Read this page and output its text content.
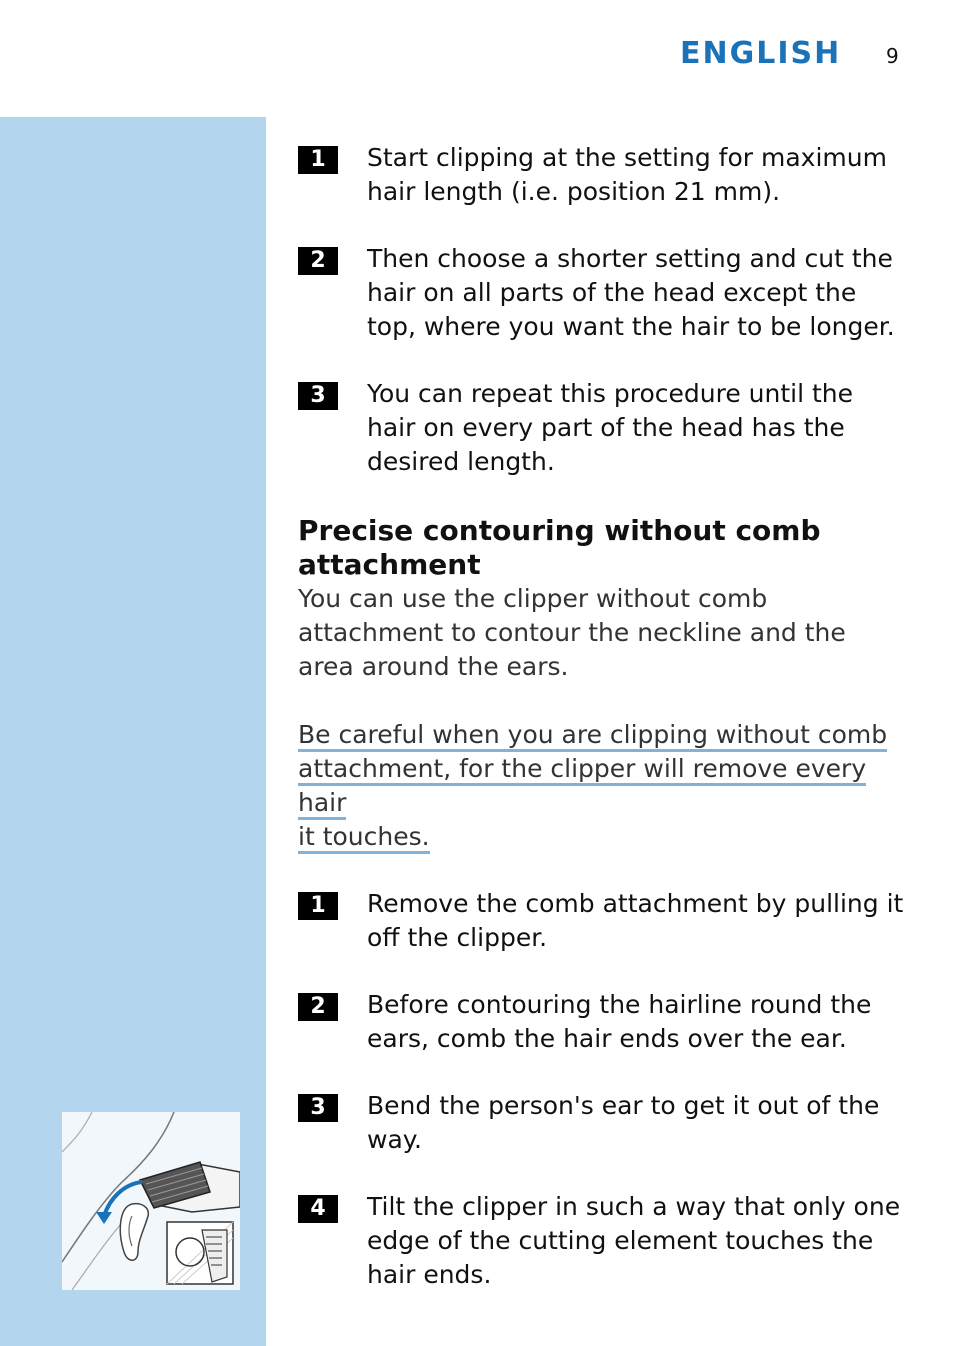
ENGLISH 9
1	Start clipping at the setting for maximum hair length (i.e. position 21 mm).
2	Then choose a shorter setting and cut the hair on all parts of the head except the top, where you want the hair to be longer.
3	You can repeat this procedure until the hair on every part of the head has the desired length.
Precise contouring without comb attachment

You can use the clipper without comb attachment to contour the neckline and the area around the ears.

Be careful when you are clipping without comb
attachment, for the clipper will remove every hair
it touches.

1	Remove the comb attachment by pulling it off the clipper.
2	Before contouring the hairline round the ears, comb the hair ends over the ear.
3	Bend the person's ear to get it out of the way.
4	Tilt the clipper in such a way that only one edge of the cutting element touches the hair ends.
